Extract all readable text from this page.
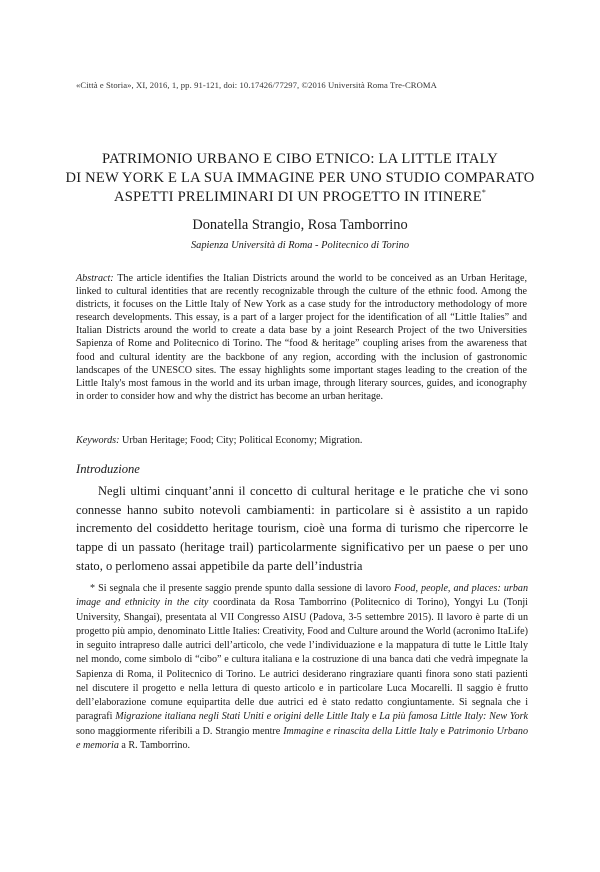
«Città e Storia», XI, 2016, 1, pp. 91-121, doi: 10.17426/77297, ©2016 Università Roma Tre-CROMA
PATRIMONIO URBANO E CIBO ETNICO: LA LITTLE ITALY
DI NEW YORK E LA SUA IMMAGINE PER UNO STUDIO COMPARATO
ASPETTI PRELIMINARI DI UN PROGETTO IN ITINERE*
Donatella Strangio, Rosa Tamborrino
Sapienza Università di Roma - Politecnico di Torino
Abstract: The article identifies the Italian Districts around the world to be conceived as an Urban Heritage, linked to cultural identities that are recently recognizable through the culture of the ethnic food. Among the districts, it focuses on the Little Italy of New York as a case study for the introductory methodology of more research developments. This essay, is a part of a larger project for the identification of all “Little Italies” and Italian Districts around the world to create a data base by a joint Research Project of the two Universities Sapienza of Rome and Politecnico di Torino. The “food & heritage” coupling arises from the awareness that food and cultural identity are the backbone of any region, according with the inclusion of gastronomic landscapes of the UNESCO sites. The essay highlights some important stages leading to the creation of the Little Italy's most famous in the world and its urban image, through literary sources, guides, and iconography in order to consider how and why the district has become an urban heritage.
Keywords: Urban Heritage; Food; City; Political Economy; Migration.
Introduzione

Negli ultimi cinquant’anni il concetto di cultural heritage e le pratiche che vi sono connesse hanno subito notevoli cambiamenti: in particolare si è assistito a un rapido incremento del cosiddetto heritage tourism, cioè una forma di turismo che ripercorre le tappe di un passato (heritage trail) particolarmente significativo per un paese o per uno stato, o perlomeno assai appetibile da parte dell’industria

* Si segnala che il presente saggio prende spunto dalla sessione di lavoro Food, people, and places: urban image and ethnicity in the city coordinata da Rosa Tamborrino (Politecnico di Torino), Yongyi Lu (Tonji University, Shangai), presentata al VII Congresso AISU (Padova, 3-5 settembre 2015). Il lavoro è parte di un progetto più ampio, denominato Little Italies: Creativity, Food and Culture around the World (acronimo ItaLife) in seguito intrapreso dalle autrici dell’articolo, che vede l’individuazione e la mappatura di tutte le Little Italy nel mondo, come simbolo di “cibo” e cultura italiana e la costruzione di una banca dati che vedrà impegnate la Sapienza di Roma, il Politecnico di Torino. Le autrici desiderano ringraziare quanti finora sono stati pazienti nel discutere il progetto e nella lettura di questo articolo e in particolare Luca Mocarelli. Il saggio è frutto dell’elaborazione comune equipartita delle due autrici ed è stato redatto congiuntamente. Si segnala che i paragrafi Migrazione italiana negli Stati Uniti e origini delle Little Italy e La più famosa Little Italy: New York sono maggiormente riferibili a D. Strangio mentre Immagine e rinascita della Little Italy e Patrimonio Urbano e memoria a R. Tamborrino.
